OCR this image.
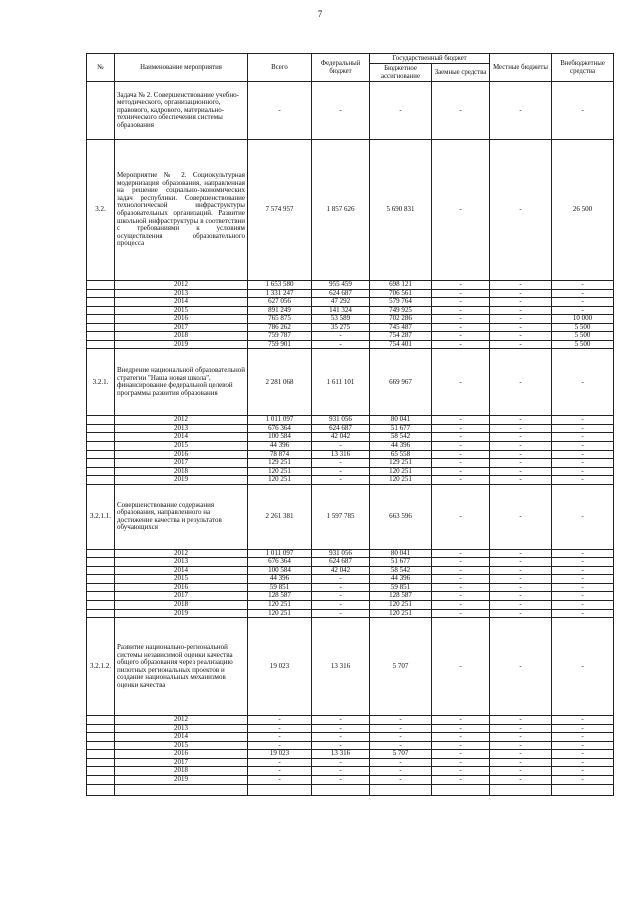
7
№	Наименование мероприятия	Всего	Федеральный бюджет	Государственный бюджет		Местные бюджеты	Внебюджетные средства
				Бюджетное ассигнование	Заемные средства		
	Задача № 2. Совершенствование учебно-методического, организационного, правового, кадрового, материально-технического обеспечения системы образования	-	-	-	-	-	-
3.2.	Мероприятие № 2. Социокультурная модернизация образования, направленная на решение социально-экономических задач республики. Совершенствование технологической инфраструктуры образовательных организаций. Развитие школьной инфраструктуры в соответствии с требованиями к условиям осуществления образовательного процесса	7 574 957	1 857 626	5 690 831	-	-	26 500
	2012	1 653 580	955 459	698 121	-	-	-
	2013	1 331 247	624 687	706 561	-	-	-
	2014	627 056	47 292	579 764	-	-	-
	2015	891 249	141 324	749 925	-	-	-
	2016	765 875	53 589	702 286	-	-	10 000
	2017	786 262	35 275	745 487	-	-	5 500
	2018	759 787	-	754 287	-	-	5 500
	2019	759 901	-	754 401	-	-	5 500
3.2.1.	Внедрение национальной образовательной стратегии "Наша новая школа", финансирование федеральной целевой программы развития образования	2 281 068	1 611 101	669 967	-	-	-
	2012	1 011 097	931 056	80 041	-	-	-
	2013	676 364	624 687	51 677	-	-	-
	2014	100 584	42 042	58 542	-	-	-
	2015	44 396	-	44 396	-	-	-
	2016	78 874	13 316	65 558	-	-	-
	2017	129 251	-	129 251	-	-	-
	2018	120 251	-	120 251	-	-	-
	2019	120 251	-	120 251	-	-	-
3.2.1.1.	Совершенствование содержания образования, направленного на достижение качества и результатов обучающихся	2 261 381	1 597 785	663 596	-	-	-
	2012	1 011 097	931 056	80 041	-	-	-
	2013	676 364	624 687	51 677	-	-	-
	2014	100 584	42 042	58 542	-	-	-
	2015	44 396	-	44 396	-	-	-
	2016	59 851	-	59 851	-	-	-
	2017	128 587	-	128 587	-	-	-
	2018	120 251	-	120 251	-	-	-
	2019	120 251	-	120 251	-	-	-
3.2.1.2.	Развитие национально-региональной системы независимой оценки качества общего образования через реализацию пилотных региональных проектов и создание национальных механизмов оценки качества	19 023	13 316	5 707	-	-	-
	2012	-	-	-	-	-	-
	2013	-	-	-	-	-	-
	2014	-	-	-	-	-	-
	2015	-	-	-	-	-	-
	2016	19 023	13 316	5 707	-	-	-
	2017	-	-	-	-	-	-
	2018	-	-	-	-	-	-
	2019	-	-	-	-	-	-
